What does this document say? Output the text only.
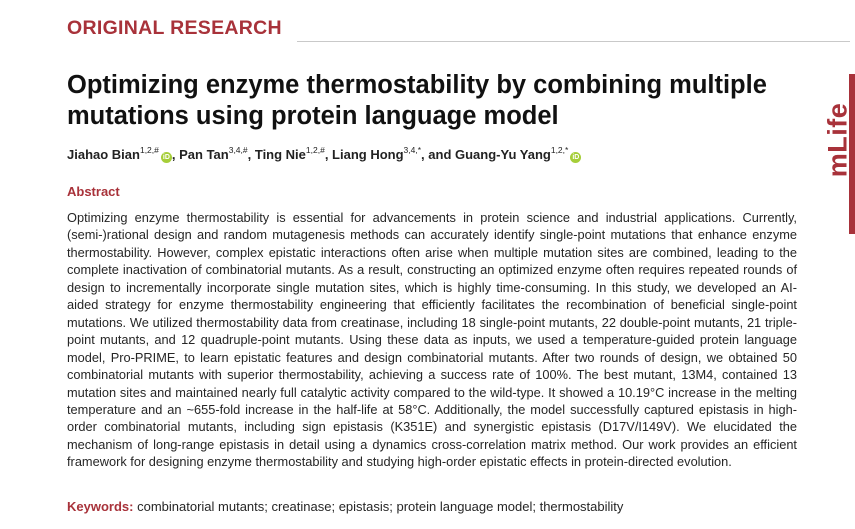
ORIGINAL RESEARCH
Optimizing enzyme thermostability by combining multiple mutations using protein language model
Jiahao Bian$^{1,2,\#}$iD , Pan Tan$^{3,4,\#}$, Ting Nie$^{1,2,\#}$, Liang Hong$^{3,4,*}$, and Guang-Yu Yang$^{1,2,*}$iD
Abstract

Optimizing enzyme thermostability is essential for advancements in protein science and industrial applications. Currently, (semi-)rational design and random mutagenesis methods can accurately identify single-point mutations that enhance enzyme thermostability. However, complex epistatic interactions often arise when multiple mutation sites are combined, leading to the complete inactivation of combinatorial mutants. As a result, constructing an optimized enzyme often requires repeated rounds of design to incrementally incorporate single mutation sites, which is highly time-consuming. In this study, we developed an AI-aided strategy for enzyme thermostability engineering that efficiently facilitates the recombination of beneficial single-point mutations. We utilized thermostability data from creatinase, including 18 single-point mutants, 22 double-point mutants, 21 triple-point mutants, and 12 quadruple-point mutants. Using these data as inputs, we used a temperature-guided protein language model, Pro-PRIME, to learn epistatic features and design combinatorial mutants. After two rounds of design, we obtained 50 combinatorial mutants with superior thermostability, achieving a success rate of 100%. The best mutant, 13M4, contained 13 mutation sites and maintained nearly full catalytic activity compared to the wild-type. It showed a 10.19°C increase in the melting temperature and an ~655-fold increase in the half-life at 58°C. Additionally, the model successfully captured epistasis in high-order combinatorial mutants, including sign epistasis (K351E) and synergistic epistasis (D17V/I149V). We elucidated the mechanism of long-range epistasis in detail using a dynamics cross-correlation matrix method. Our work provides an efficient framework for designing enzyme thermostability and studying high-order epistatic effects in protein-directed evolution.

Keywords: combinatorial mutants; creatinase; epistasis; protein language model; thermostability
mLife
